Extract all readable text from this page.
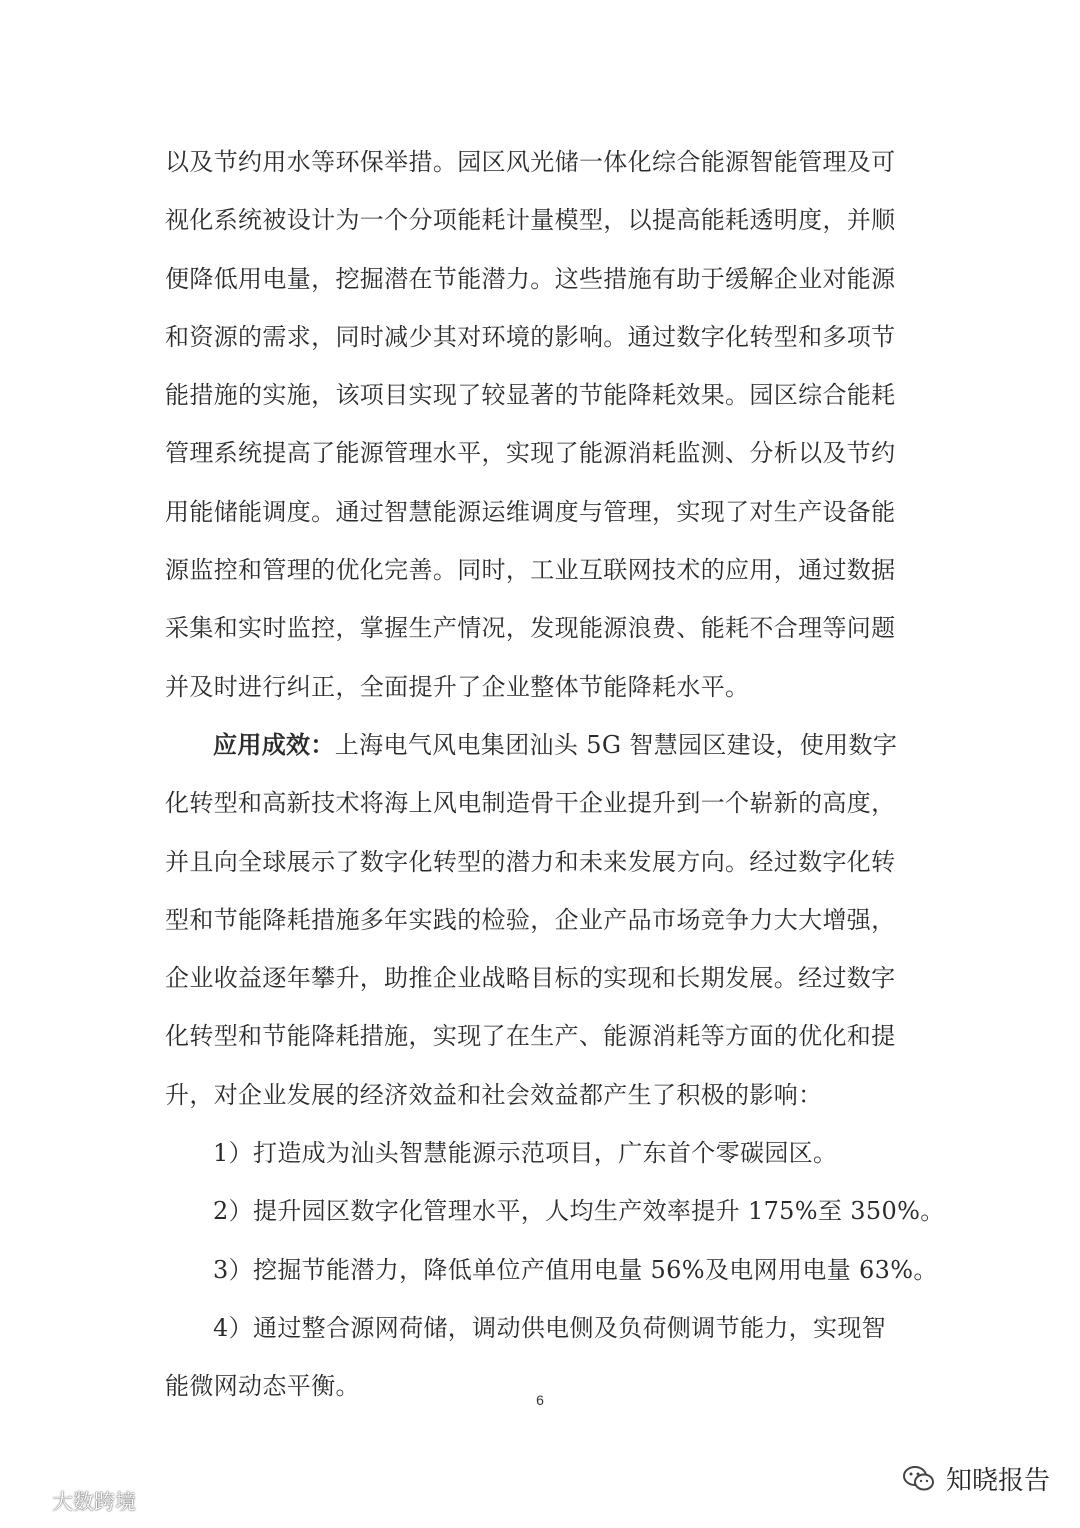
以及节约用水等环保举措。园区风光储一体化综合能源智能管理及可
视化系统被设计为一个分项能耗计量模型，以提高能耗透明度，并顺
便降低用电量，挖掘潜在节能潜力。这些措施有助于缓解企业对能源
和资源的需求，同时减少其对环境的影响。通过数字化转型和多项节
能措施的实施，该项目实现了较显著的节能降耗效果。园区综合能耗
管理系统提高了能源管理水平，实现了能源消耗监测、分析以及节约
用能储能调度。通过智慧能源运维调度与管理，实现了对生产设备能
源监控和管理的优化完善。同时，工业互联网技术的应用，通过数据
采集和实时监控，掌握生产情况，发现能源浪费、能耗不合理等问题
并及时进行纠正，全面提升了企业整体节能降耗水平。
应用成效：上海电气风电集团汕头 5G 智慧园区建设，使用数字
化转型和高新技术将海上风电制造骨干企业提升到一个崭新的高度，
并且向全球展示了数字化转型的潜力和未来发展方向。经过数字化转
型和节能降耗措施多年实践的检验，企业产品市场竞争力大大增强，
企业收益逐年攀升，助推企业战略目标的实现和长期发展。经过数字
化转型和节能降耗措施，实现了在生产、能源消耗等方面的优化和提
升，对企业发展的经济效益和社会效益都产生了积极的影响：
1）打造成为汕头智慧能源示范项目，广东首个零碳园区。
2）提升园区数字化管理水平，人均生产效率提升 175%至 350%。
3）挖掘节能潜力，降低单位产值用电量 56%及电网用电量 63%。
4）通过整合源网荷储，调动供电侧及负荷侧调节能力，实现智
能微网动态平衡。	6
知晓报告
大数跨境
